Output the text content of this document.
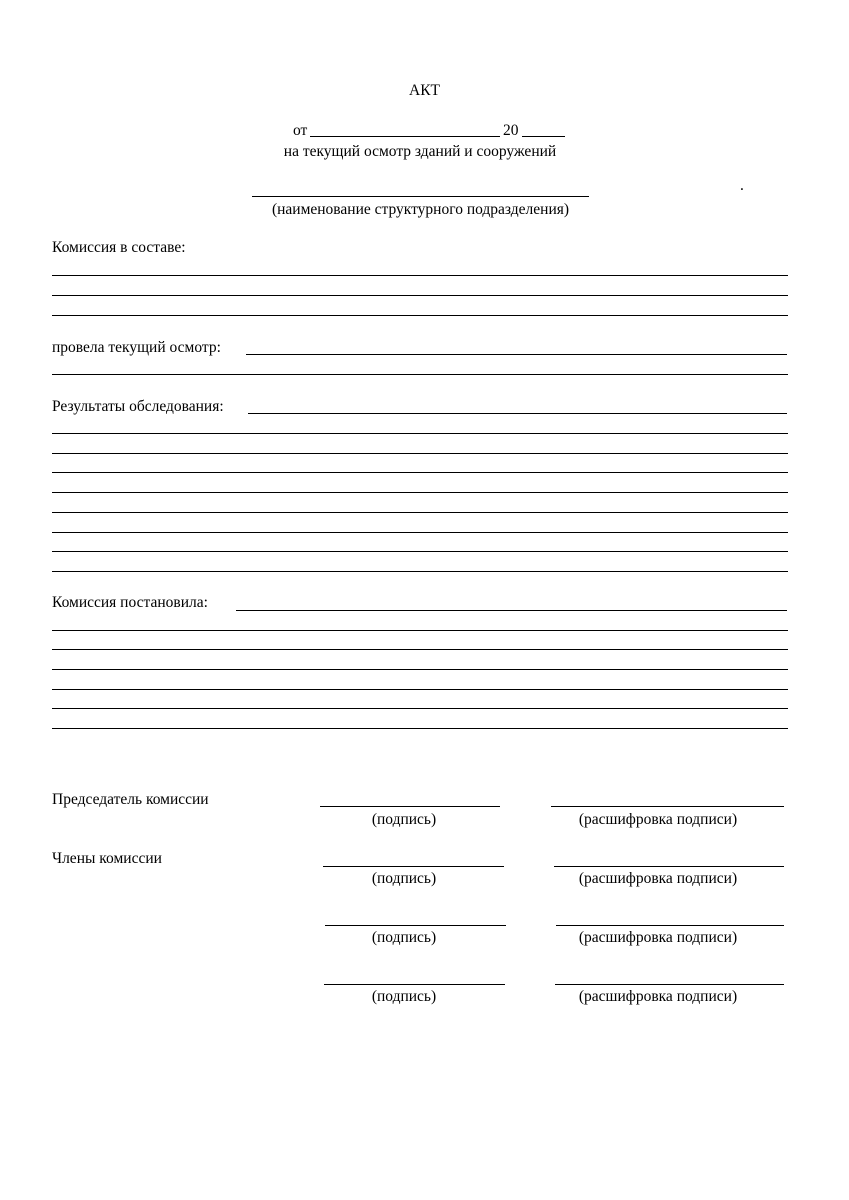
АКТ
от	20
на текущий осмотр зданий и сооружений
.
(наименование структурного подразделения)
Комиссия в составе:
провела текущий осмотр:
Результаты обследования:
Комиссия постановила:
Председатель комиссии
(подпись)	(расшифровка подписи)
Члены комиссии
(подпись)	(расшифровка подписи)
(подпись)	(расшифровка подписи)
(подпись)	(расшифровка подписи)
